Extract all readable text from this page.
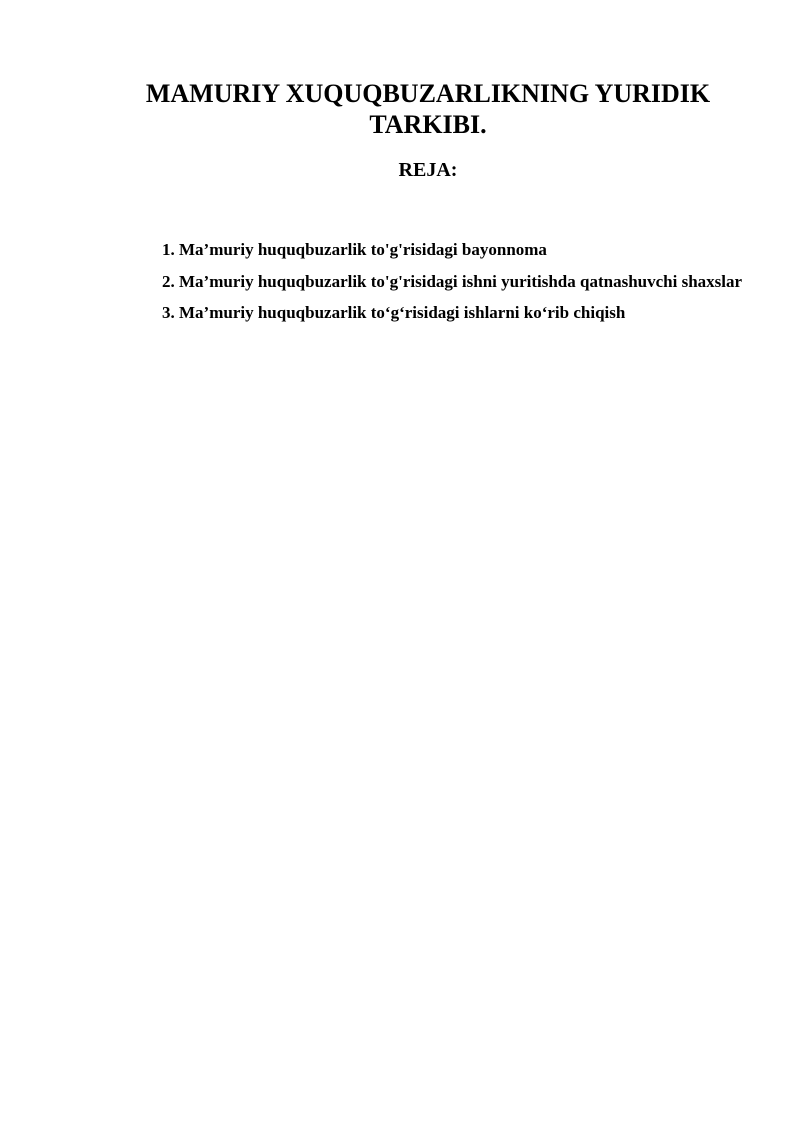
MAMURIY XUQUQBUZARLIKNING YURIDIK TARKIBI.
REJA:
1. Ma’muriy huquqbuzarlik to'g'risidagi bayonnoma
2. Ma’muriy huquqbuzarlik to'g'risidagi ishni yuritishda qatnashuvchi shaxslar
3. Ma’muriy huquqbuzarlik to‘g‘risidagi ishlarni ko‘rib chiqish
